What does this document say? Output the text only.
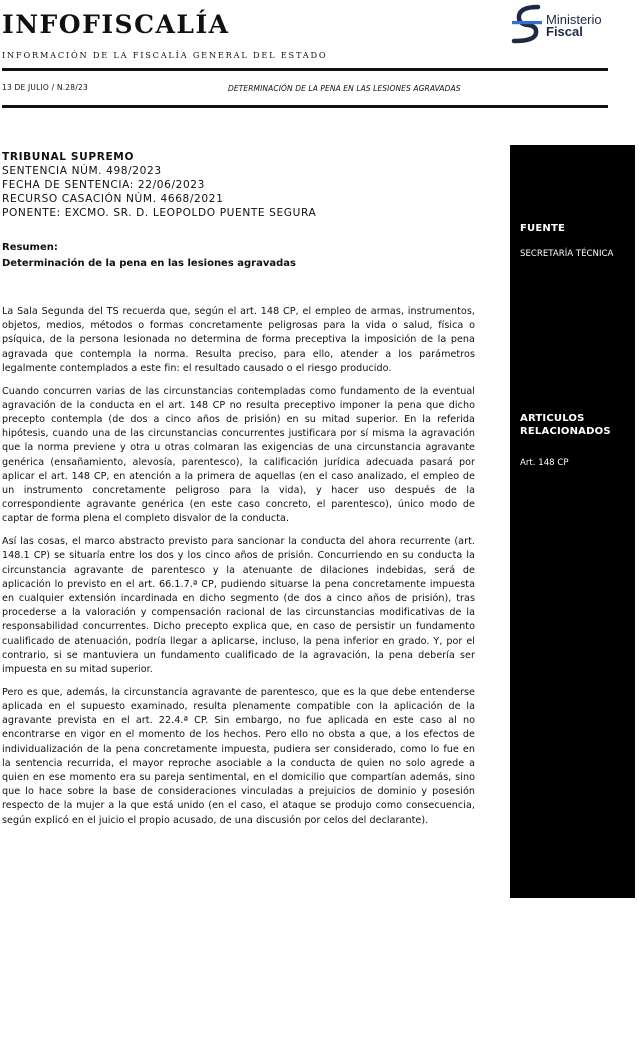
INFOFISCALÍA
INFORMACIÓN DE LA FISCALÍA GENERAL DEL ESTADO
Ministerio
Fiscal
13 DE JULIO / N.28/23	DETERMINACIÓN DE LA PENA EN LAS LESIONES AGRAVADAS
TRIBUNAL SUPREMO
SENTENCIA NÚM. 498/2023
FECHA DE SENTENCIA: 22/06/2023
RECURSO CASACIÓN NÚM. 4668/2021
PONENTE: EXCMO. SR. D. LEOPOLDO PUENTE SEGURA
Resumen:
Determinación de la pena en las lesiones agravadas

La Sala Segunda del TS recuerda que, según el art. 148 CP, el empleo de armas, instrumentos, objetos, medios, métodos o formas concretamente peligrosas para la vida o salud, física o psíquica, de la persona lesionada no determina de forma preceptiva la imposición de la pena agravada que contempla la norma. Resulta preciso, para ello, atender a los parámetros legalmente contemplados a este fin: el resultado causado o el riesgo producido.

Cuando concurren varias de las circunstancias contempladas como fundamento de la eventual agravación de la conducta en el art. 148 CP no resulta preceptivo imponer la pena que dicho precepto contempla (de dos a cinco años de prisión) en su mitad superior. En la referida hipótesis, cuando una de las circunstancias concurrentes justificara por sí misma la agravación que la norma previene y otra u otras colmaran las exigencias de una circunstancia agravante genérica (ensañamiento, alevosía, parentesco), la calificación jurídica adecuada pasará por aplicar el art. 148 CP, en atención a la primera de aquellas (en el caso analizado, el empleo de un instrumento concretamente peligroso para la vida), y hacer uso después de la correspondiente agravante genérica (en este caso concreto, el parentesco), único modo de captar de forma plena el completo disvalor de la conducta.

Así las cosas, el marco abstracto previsto para sancionar la conducta del ahora recurrente (art. 148.1 CP) se situaría entre los dos y los cinco años de prisión. Concurriendo en su conducta la circunstancia agravante de parentesco y la atenuante de dilaciones indebidas, será de aplicación lo previsto en el art. 66.1.7.ª CP, pudiendo situarse la pena concretamente impuesta en cualquier extensión incardinada en dicho segmento (de dos a cinco años de prisión), tras procederse a la valoración y compensación racional de las circunstancias modificativas de la responsabilidad concurrentes. Dicho precepto explica que, en caso de persistir un fundamento cualificado de atenuación, podría llegar a aplicarse, incluso, la pena inferior en grado. Y, por el contrario, si se mantuviera un fundamento cualificado de la agravación, la pena debería ser impuesta en su mitad superior.

Pero es que, además, la circunstancia agravante de parentesco, que es la que debe entenderse aplicada en el supuesto examinado, resulta plenamente compatible con la aplicación de la agravante prevista en el art. 22.4.ª CP. Sin embargo, no fue aplicada en este caso al no encontrarse en vigor en el momento de los hechos. Pero ello no obsta a que, a los efectos de individualización de la pena concretamente impuesta, pudiera ser considerado, como lo fue en la sentencia recurrida, el mayor reproche asociable a la conducta de quien no solo agrede a quien en ese momento era su pareja sentimental, en el domicilio que compartían además, sino que lo hace sobre la base de consideraciones vinculadas a prejuicios de dominio y posesión respecto de la mujer a la que está unido (en el caso, el ataque se produjo como consecuencia, según explicó en el juicio el propio acusado, de una discusión por celos del declarante).

FUENTE
SECRETARÍA TÉCNICA
ARTICULOS
RELACIONADOS
Art. 148 CP
